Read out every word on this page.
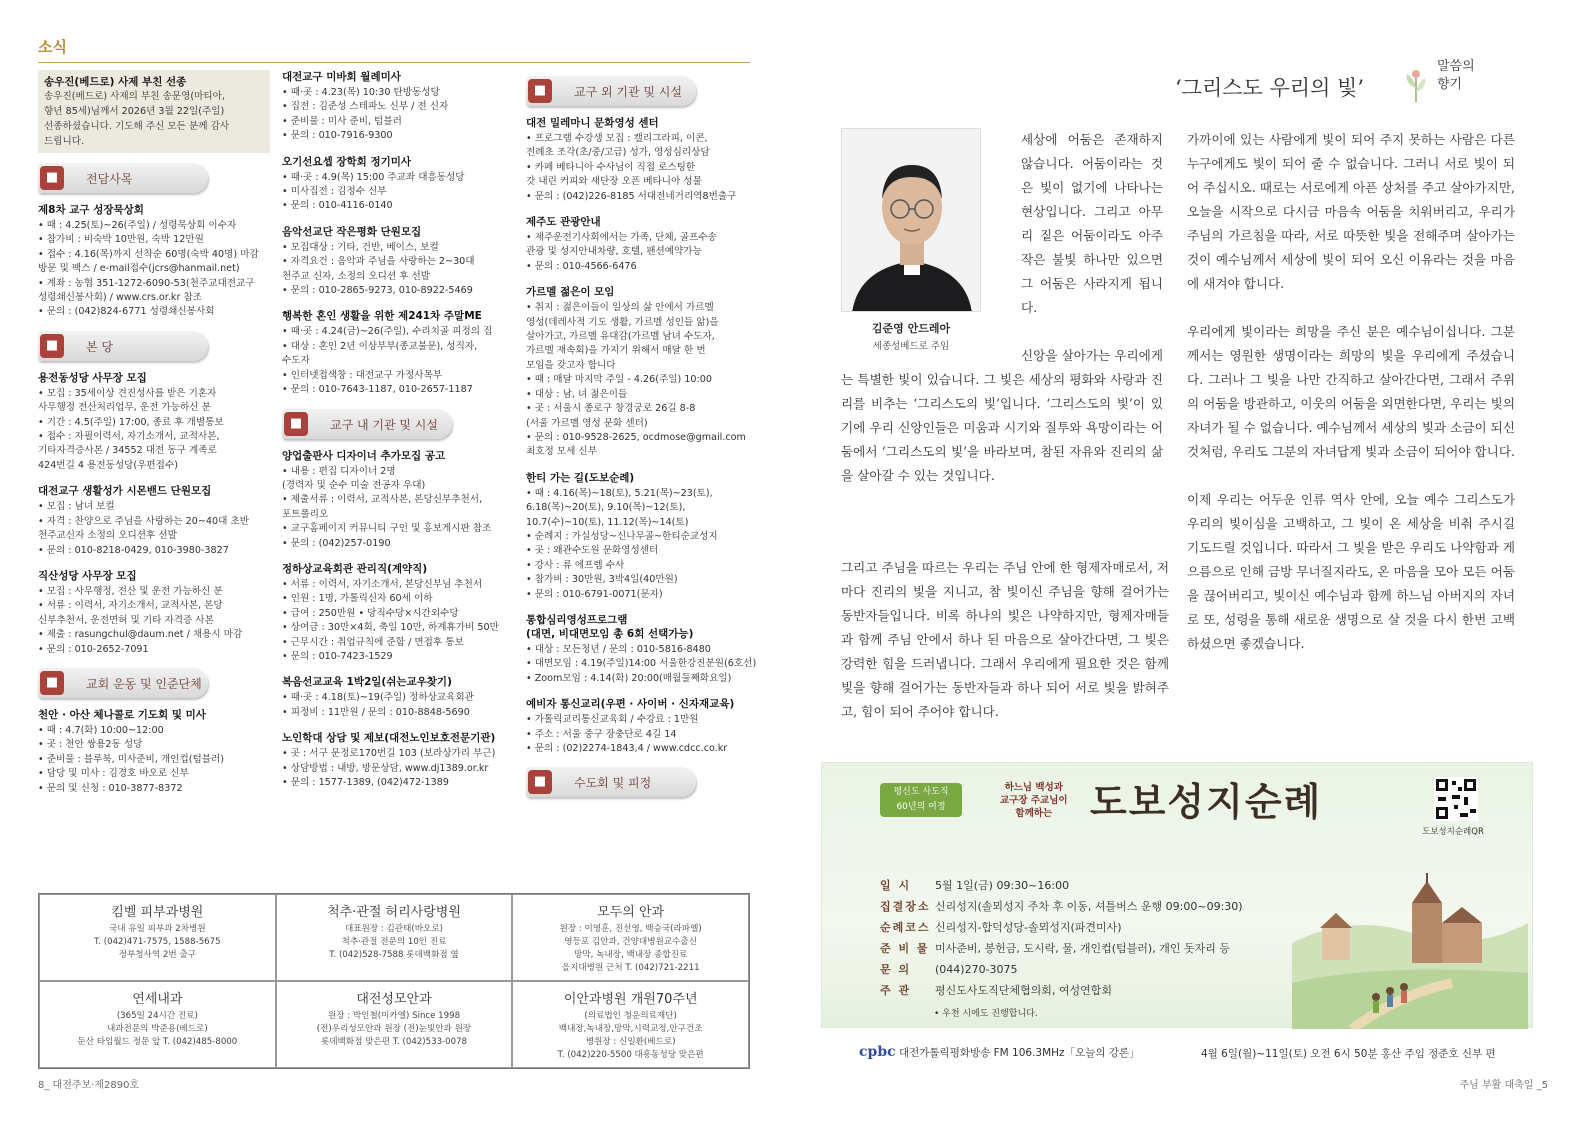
소식
송우진(베드로) 사제 부친 선종
송우진(베드로) 사제의 부친 송문영(마티아,
향년 85세)님께서 2026년 3월 22일(주일)
선종하셨습니다. 기도해 주신 모든 분께 감사
드립니다.
■	전담사목
제8차 교구 성장묵상회
• 때 : 4.25(토)~26(주일) / 성령묵상회 이수자
• 참가비 : 비숙박 10만원, 숙박 12만원
• 접수 : 4.16(목)까지 선착순 60명(숙박 40명) 마감
방문 및 팩스 / e-mail접수(jcrs@hanmail.net)
• 계좌 : 농협 351-1272-6090-53(천주교대전교구
성령쇄신봉사회) / www.crs.or.kr 참조
• 문의 : (042)824-6771 성령쇄신봉사회
■	본 당
용전동성당 사무장 모집
• 모집 : 35세이상 견진성사를 받은 기혼자
사무행정 전산처리업무, 운전 가능하신 분
• 기간 : 4.5(주일) 17:00, 종료 후 개별통보
• 접수 : 자필이력서, 자기소개서, 교적사본,
기타자격증사본 / 34552 대전 동구 계족로
424번길 4 용전동성당(우편접수)
대전교구 생활성가 시몬밴드 단원모집
• 모집 : 남녀 보컬
• 자격 : 찬양으로 주님을 사랑하는 20~40대 초반
천주교신자 소정의 오디션후 선발
• 문의 : 010-8218-0429, 010-3980-3827
직산성당 사무장 모집
• 모집 : 사무행정, 전산 및 운전 가능하신 분
• 서류 : 이력서, 자기소개서, 교적사본, 본당
신부추천서, 운전면허 및 기타 자격증 사본
• 제출 : rasungchul@daum.net / 채용시 마감
• 문의 : 010-2652-7091
■	교회 운동 및 인준단체
천안 · 아산 체나콜로 기도회 및 미사
• 때 : 4.7(화) 10:00~12:00
• 곳 : 천안 쌍용2동 성당
• 준비물 : 블루북, 미사준비, 개인컵(텀블러)
• 담당 및 미사 : 김경호 바오로 신부
• 문의 및 신청 : 010-3877-8372
대전교구 미바회 월례미사
• 때·곳 : 4.23(목) 10:30 탄방동성당
• 집전 : 김준성 스테파노 신부 / 전 신자
• 준비물 : 미사 준비, 텀블러
• 문의 : 010-7916-9300
오기선요셉 장학회 정기미사
• 때·곳 : 4.9(목) 15:00 주교좌 대흥동성당
• 미사집전 : 김정수 신부
• 문의 : 010-4116-0140
음악선교단 작은평화 단원모집
• 모집대상 : 기타, 건반, 베이스, 보컬
• 자격요건 : 음악과 주님을 사랑하는 2~30대
천주교 신자, 소정의 오디션 후 선발
• 문의 : 010-2865-9273, 010-8922-5469
행복한 혼인 생활을 위한 제241차 주말ME
• 때·곳 : 4.24(금)~26(주일), 수리치골 피정의 집
• 대상 : 혼인 2년 이상부부(종교불문), 성직자,
수도자
• 인터넷접색창 : 대전교구 가정사목부
• 문의 : 010-7643-1187, 010-2657-1187
■	교구 내 기관 및 시설
양업출판사 디자이너 추가모집 공고
• 내용 : 편집 디자이너 2명
(경력자 및 순수 미술 전공자 우대)
• 제출서류 : 이력서, 교적사본, 본당신부추천서,
포트폴리오
• 교구홈페이지 커뮤니티 구인 및 홍보게시판 참조
• 문의 : (042)257-0190
정하상교육회관 관리직(계약직)
• 서류 : 이력서, 자기소개서, 본당신부님 추천서
• 인원 : 1명, 가톨릭신자 60세 이하
• 급여 : 250만원 • 당직수당×시간외수당
• 상여금 : 30만×4회, 축일 10만, 하계휴가비 50만
• 근무시간 : 취업규칙에 준함 / 면접후 통보
• 문의 : 010-7423-1529
복음선교교육 1박2일(쉬는교우찾기)
• 때·곳 : 4.18(토)~19(주일) 정하상교육회관
• 피정비 : 11만원 / 문의 : 010-8848-5690
노인학대 상담 및 제보(대전노인보호전문기관)
• 곳 : 서구 문정로170번길 103 (보라상가리 부근)
• 상담방법 : 내방, 방문상담, www.dj1389.or.kr
• 문의 : 1577-1389, (042)472-1389
■	교구 외 기관 및 시설
대전 밀레마니 문화영성 센터
• 프로그램 수강생 모집 : 캘리그라피, 이콘,
전례초 조각(초/중/고급) 성가, 영성심리상담
• 카페 베타니아 수사님이 직접 로스팅한
갓 내린 커피와 새단장 오픈 베타니아 성물
• 문의 : (042)226-8185 서대전네거리역8번출구
제주도 관광안내
• 제주운전기사회에서는 가족, 단체, 골프수송
관광 및 성지안내차량, 호텔, 팬션예약가능
• 문의 : 010-4566-6476
가르멜 젊은이 모임
• 취지 : 젊은이들이 일상의 삶 안에서 가르멜
영성(데레사적 기도 생활, 가르멜 성인들 앎)을
살아가고, 가르멜 유대감(가르멜 남녀 수도자,
가르멜 재속회)을 가지기 위해서 매달 한 번
모임을 갖고자 합니다
• 때 : 매달 마지막 주일 - 4.26(주일) 10:00
• 대상 : 남, 녀 젊은이들
• 곳 : 서울시 종로구 창경궁로 26길 8-8
(서울 가르멜 영성 문화 센터)
• 문의 : 010-9528-2625, ocdmose@gmail.com
최호정 모세 신부
한티 가는 길(도보순례)
• 때 : 4.16(목)~18(토), 5.21(목)~23(토),
6.18(목)~20(토), 9.10(목)~12(토),
10.7(수)~10(토), 11.12(목)~14(토)
• 순례지 : 가실성당~신나무골~한티순교성지
• 곳 : 왜관수도원 문화영성센터
• 강사 : 류 에프렘 수사
• 참가비 : 30만원, 3박4일(40만원)
• 문의 : 010-6791-0071(문자)
통합심리영성프로그램
(대면, 비대면모임 총 6회 선택가능)
• 대상 : 모든청년 / 문의 : 010-5816-8480
• 대면모임 : 4.19(주일)14:00 서울한강진분원(6호선)
• Zoom모임 : 4.14(화) 20:00(매월둘째화요일)
예비자 통신교리(우편 · 사이버 · 신자재교육)
• 가톨릭교리통신교육회 / 수강료 : 1만원
• 주소 : 서울 중구 장충단로 4길 14
• 문의 : (02)2274-1843,4 / www.cdcc.co.kr
■	수도회 및 피정
킴벨 피부과병원
국내 유일 피부과 2차병원
T. (042)471-7575, 1588-5675
정부청사역 2번 출구
척추·관절 허리사랑병원
대표원장 : 김관태(바오로)
척추·관절 전문의 10인 진료
T. (042)528-7588 롯데백화점 옆
모두의 안과
원장 : 이영훈, 진선영, 백승국(라파엘)
영등포 김안과, 건양대병원교수출신
망막, 녹내장, 백내장 종합진료
을지대병원 근처 T. (042)721-2211
연세내과
(365일 24시간 진료)
내과전문의 박준용(베드로)
둔산 타임월드 정문 앞 T. (042)485-8000
대전성모안과
원장 : 박인철(미카엘) Since 1998
(전)우리성모안과 원장 (전)눈빛안과 원장
롯데백화점 맞은편 T. (042)533-0078
이안과병원 개원70주년
(의료법인 청운의료재단)
백내장,녹내장,망막,시력교정,안구건조
병원장 : 신일환(베드로)
T. (042)220-5500 대흥동성당 맞은편
8_ 대전주보·제2890호
‘그리스도 우리의 빛’
말씀의
향기
김준영 안드레아
세종성베드로 주임

세상에 어둠은 존재하지 않습니다. 어둠이라는 것은 빛이 없기에 나타나는 현상입니다. 그리고 아무리 짙은 어둠이라도 아주 작은 불빛 하나만 있으면 그 어둠은 사라지게 됩니다.

신앙을 살아가는 우리에게는 특별한 빛이 있습니다. 그 빛은 세상의 평화와 사랑과 진리를 비추는 ‘그리스도의 빛’입니다. ‘그리스도의 빛’이 있기에 우리 신앙인들은 미움과 시기와 질투와 욕망이라는 어둠에서 ‘그리스도의 빛’을 바라보며, 참된 자유와 진리의 삶을 살아갈 수 있는 것입니다.

그리고 주님을 따르는 우리는 주님 안에 한 형제자매로서, 저마다 진리의 빛을 지니고, 참 빛이신 주님을 향해 걸어가는 동반자들입니다. 비록 하나의 빛은 나약하지만, 형제자매들과 함께 주님 안에서 하나 된 마음으로 살아간다면, 그 빛은 강력한 힘을 드러냅니다. 그래서 우리에게 필요한 것은 함께 빛을 향해 걸어가는 동반자들과 하나 되어 서로 빛을 밝혀주고, 힘이 되어 주어야 합니다.

가까이에 있는 사람에게 빛이 되어 주지 못하는 사람은 다른 누구에게도 빛이 되어 줄 수 없습니다. 그러니 서로 빛이 되어 주십시오. 때로는 서로에게 아픈 상처를 주고 살아가지만, 오늘을 시작으로 다시금 마음속 어둠을 치워버리고, 우리가 주님의 가르침을 따라, 서로 따뜻한 빛을 전해주며 살아가는 것이 예수님께서 세상에 빛이 되어 오신 이유라는 것을 마음에 새겨야 합니다.

우리에게 빛이라는 희망을 주신 분은 예수님이십니다. 그분께서는 영원한 생명이라는 희망의 빛을 우리에게 주셨습니다. 그러나 그 빛을 나만 간직하고 살아간다면, 그래서 주위의 어둠을 방관하고, 이웃의 어둠을 외면한다면, 우리는 빛의 자녀가 될 수 없습니다. 예수님께서 세상의 빛과 소금이 되신 것처럼, 우리도 그분의 자녀답게 빛과 소금이 되어야 합니다.

이제 우리는 어두운 인류 역사 안에, 오늘 예수 그리스도가 우리의 빛이심을 고백하고, 그 빛이 온 세상을 비춰 주시길 기도드릴 것입니다. 따라서 그 빛을 받은 우리도 나약함과 게으름으로 인해 금방 무너질지라도, 온 마음을 모아 모든 어둠을 끊어버리고, 빛이신 예수님과 함께 하느님 아버지의 자녀로 또, 성령을 통해 새로운 생명으로 살 것을 다시 한번 고백하셨으면 좋겠습니다.

평신도 사도직
60년의 여정
하느님 백성과
교구장 주교님이
함께하는 도보성지순례
도보성지순례QR
일 시 5월 1일(금) 09:30~16:00
집결장소 신리성지(솔뫼성지 주차 후 이동, 셔틀버스 운행 09:00~09:30)
순례코스 신리성지-합덕성당-솔뫼성지(파견미사)
준 비 물 미사준비, 봉헌금, 도시락, 물, 개인컵(텀블러), 개인 돗자리 등
문 의 (044)270-3075
주 관 평신도사도직단체협의회, 여성연합회
• 우천 시에도 진행합니다.
cpbc 대전가톨릭평화방송 FM 106.3MHz「오늘의 강론」	4월 6일(월)~11일(토) 오전 6시 50분 홍산 주임 정준호 신부 편
주님 부활 대축일 _5
